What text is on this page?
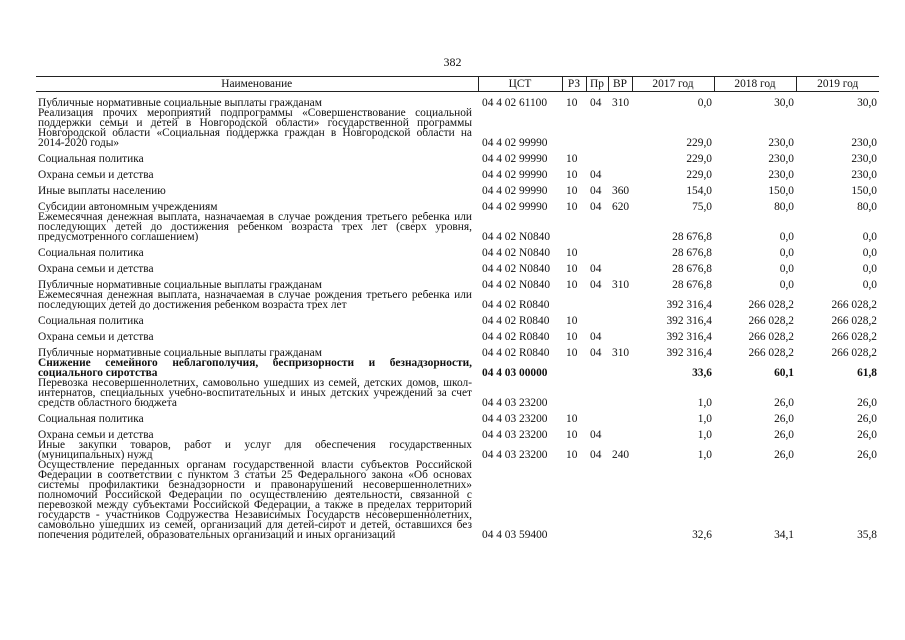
382
Наименование	ЦСТ	РЗ	Пр	ВР	2017 год	2018 год	2019 год
Публичные нормативные социальные выплаты гражданам	04 4 02 61100	10	04	310	0,0	30,0	30,0
Реализация прочих мероприятий подпрограммы «Совершенствование социальной поддержки семьи и детей в Новгородской области» государственной программы Новгородской области «Социальная поддержка граждан в Новгородской области на 2014-2020 годы»	04 4 02 99990				229,0	230,0	230,0
Социальная политика	04 4 02 99990	10			229,0	230,0	230,0
Охрана семьи и детства	04 4 02 99990	10	04		229,0	230,0	230,0
Иные выплаты населению	04 4 02 99990	10	04	360	154,0	150,0	150,0
Субсидии автономным учреждениям	04 4 02 99990	10	04	620	75,0	80,0	80,0
Ежемесячная денежная выплата, назначаемая в случае рождения третьего ребенка или последующих детей до достижения ребенком возраста трех лет (сверх уровня, предусмотренного соглашением)	04 4 02 N0840				28 676,8	0,0	0,0
Социальная политика	04 4 02 N0840	10			28 676,8	0,0	0,0
Охрана семьи и детства	04 4 02 N0840	10	04		28 676,8	0,0	0,0
Публичные нормативные социальные выплаты гражданам	04 4 02 N0840	10	04	310	28 676,8	0,0	0,0
Ежемесячная денежная выплата, назначаемая в случае рождения третьего ребенка или последующих детей до достижения ребенком возраста трех лет	04 4 02 R0840				392 316,4	266 028,2	266 028,2
Социальная политика	04 4 02 R0840	10			392 316,4	266 028,2	266 028,2
Охрана семьи и детства	04 4 02 R0840	10	04		392 316,4	266 028,2	266 028,2
Публичные нормативные социальные выплаты гражданам	04 4 02 R0840	10	04	310	392 316,4	266 028,2	266 028,2
Снижение семейного неблагополучия, беспризорности и безнадзорности, социального сиротства	04 4 03 00000				33,6	60,1	61,8
Перевозка несовершеннолетних, самовольно ушедших из семей, детских домов, школ-интернатов, специальных учебно-воспитательных и иных детских учреждений за счет средств областного бюджета	04 4 03 23200				1,0	26,0	26,0
Социальная политика	04 4 03 23200	10			1,0	26,0	26,0
Охрана семьи и детства	04 4 03 23200	10	04		1,0	26,0	26,0
Иные закупки товаров, работ и услуг для обеспечения государственных (муниципальных) нужд	04 4 03 23200	10	04	240	1,0	26,0	26,0
Осуществление переданных органам государственной власти субъектов Российской Федерации в соответствии с пунктом 3 статьи 25 Федерального закона «Об основах системы профилактики безнадзорности и правонарушений несовершеннолетних» полномочий Российской Федерации по осуществлению деятельности, связанной с перевозкой между субъектами Российской Федерации, а также в пределах территорий государств - участников Содружества Независимых Государств несовершеннолетних, самовольно ушедших из семей, организаций для детей-сирот и детей, оставшихся без попечения родителей, образовательных организаций и иных организаций	04 4 03 59400				32,6	34,1	35,8
